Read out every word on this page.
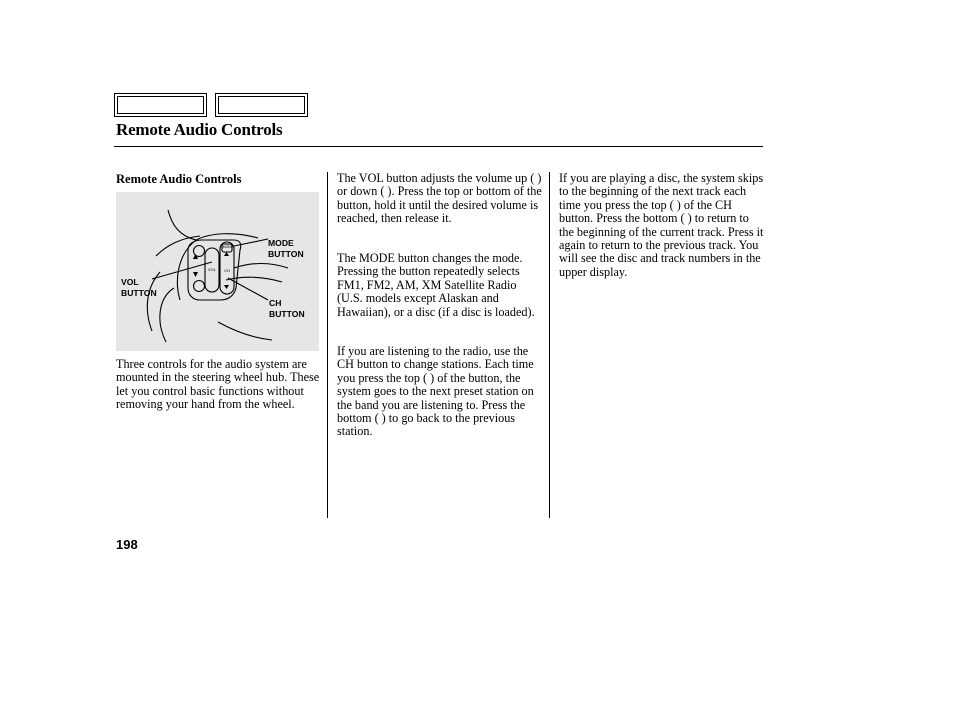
Remote Audio Controls
Remote Audio Controls
MODE
VOL CH
MODE
BUTTON
VOL
BUTTON
CH
BUTTON

Three controls for the audio system are mounted in the steering wheel hub. These let you control basic functions without removing your hand from the wheel.

The VOL button adjusts the volume up ( ) or down ( ). Press the top or bottom of the button, hold it until the desired volume is reached, then release it.

The MODE button changes the mode. Pressing the button repeatedly selects FM1, FM2, AM, XM Satellite Radio (U.S. models except Alaskan and Hawaiian), or a disc (if a disc is loaded).

If you are listening to the radio, use the CH button to change stations. Each time you press the top ( ) of the button, the system goes to the next preset station on the band you are listening to. Press the bottom ( ) to go back to the previous station.

If you are playing a disc, the system skips to the beginning of the next track each time you press the top ( ) of the CH button. Press the bottom ( ) to return to the beginning of the current track. Press it again to return to the previous track. You will see the disc and track numbers in the upper display.

198
